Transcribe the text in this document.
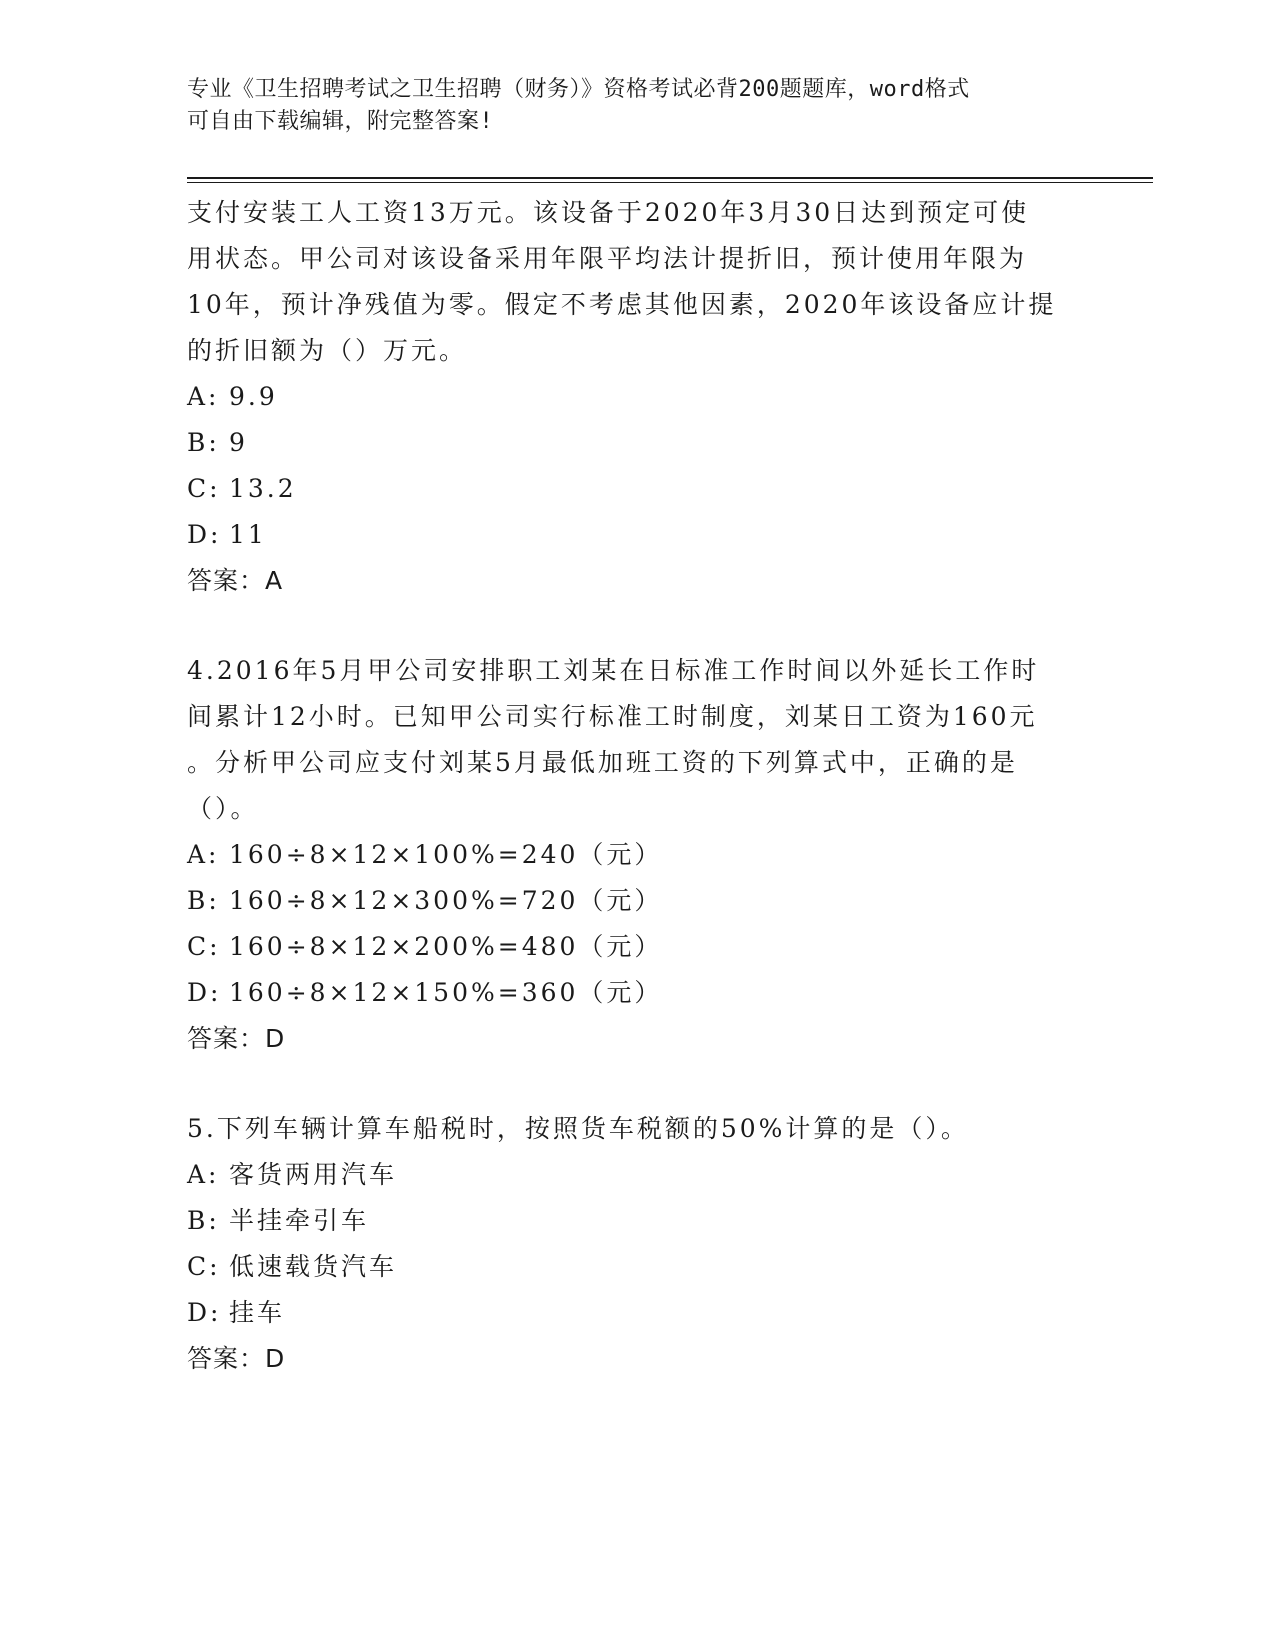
专业《卫生招聘考试之卫生招聘（财务）》资格考试必背200题题库，word格式
可自由下载编辑，附完整答案!
支付安装工人工资13万元。该设备于2020年3月30日达到预定可使
用状态。甲公司对该设备采用年限平均法计提折旧，预计使用年限为
10年，预计净残值为零。假定不考虑其他因素，2020年该设备应计提
的折旧额为（）万元。
A: 9.9
B: 9
C: 13.2
D: 11
答案：A
4.2016年5月甲公司安排职工刘某在日标准工作时间以外延长工作时
间累计12小时。已知甲公司实行标准工时制度，刘某日工资为160元
。分析甲公司应支付刘某5月最低加班工资的下列算式中，正确的是
（）。
A: 160÷8×12×100%=240（元）
B: 160÷8×12×300%=720（元）
C: 160÷8×12×200%=480（元）
D: 160÷8×12×150%=360（元）
答案：D
5.下列车辆计算车船税时，按照货车税额的50%计算的是（）。
A: 客货两用汽车
B: 半挂牵引车
C: 低速载货汽车
D: 挂车
答案：D
